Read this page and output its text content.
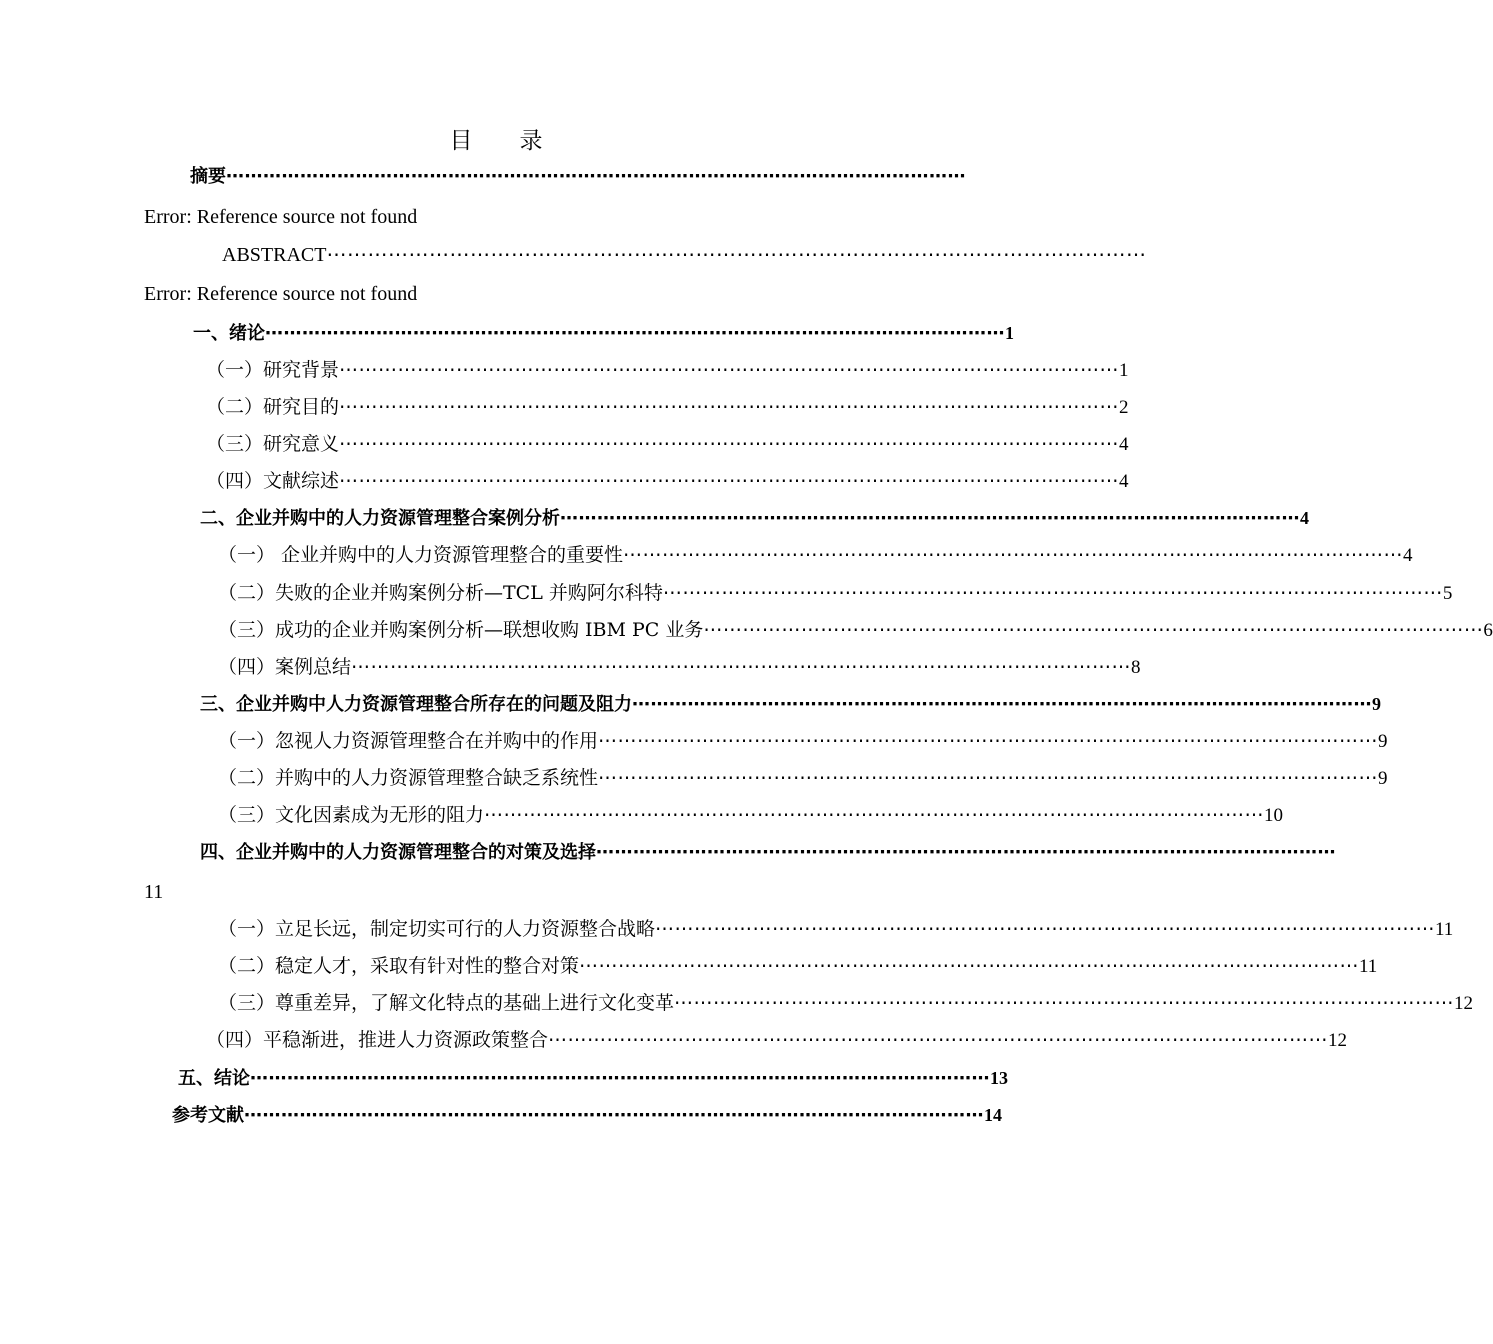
目　录
摘要 ⋯⋯⋯⋯⋯⋯⋯⋯⋯⋯⋯⋯⋯⋯⋯⋯⋯⋯⋯⋯⋯⋯⋯⋯⋯⋯⋯⋯⋯⋯⋯⋯⋯⋯⋯⋯⋯⋯⋯⋯
Error: Reference source not found
ABSTRACT ⋯⋯⋯⋯⋯⋯⋯⋯⋯⋯⋯⋯⋯⋯⋯⋯⋯⋯⋯⋯⋯⋯⋯⋯⋯⋯⋯⋯⋯⋯⋯⋯⋯⋯⋯⋯⋯⋯⋯⋯
Error: Reference source not found
一、绪论 ⋯⋯⋯⋯⋯⋯⋯⋯⋯⋯⋯⋯⋯⋯⋯⋯⋯⋯⋯⋯⋯⋯⋯⋯⋯⋯⋯⋯⋯⋯⋯⋯⋯⋯⋯⋯⋯⋯⋯⋯ 1
（一）研究背景 ⋯⋯⋯⋯⋯⋯⋯⋯⋯⋯⋯⋯⋯⋯⋯⋯⋯⋯⋯⋯⋯⋯⋯⋯⋯⋯⋯⋯⋯⋯⋯⋯⋯⋯⋯⋯⋯⋯⋯⋯ 1
（二）研究目的 ⋯⋯⋯⋯⋯⋯⋯⋯⋯⋯⋯⋯⋯⋯⋯⋯⋯⋯⋯⋯⋯⋯⋯⋯⋯⋯⋯⋯⋯⋯⋯⋯⋯⋯⋯⋯⋯⋯⋯⋯ 2
（三）研究意义 ⋯⋯⋯⋯⋯⋯⋯⋯⋯⋯⋯⋯⋯⋯⋯⋯⋯⋯⋯⋯⋯⋯⋯⋯⋯⋯⋯⋯⋯⋯⋯⋯⋯⋯⋯⋯⋯⋯⋯⋯ 4
（四）文献综述 ⋯⋯⋯⋯⋯⋯⋯⋯⋯⋯⋯⋯⋯⋯⋯⋯⋯⋯⋯⋯⋯⋯⋯⋯⋯⋯⋯⋯⋯⋯⋯⋯⋯⋯⋯⋯⋯⋯⋯⋯ 4
二、企业并购中的人力资源管理整合案例分析 ⋯⋯⋯⋯⋯⋯⋯⋯⋯⋯⋯⋯⋯⋯⋯⋯⋯⋯⋯⋯⋯⋯⋯⋯⋯⋯⋯⋯⋯⋯⋯⋯⋯⋯⋯⋯⋯⋯⋯⋯ 4
（一） 企业并购中的人力资源管理整合的重要性 ⋯⋯⋯⋯⋯⋯⋯⋯⋯⋯⋯⋯⋯⋯⋯⋯⋯⋯⋯⋯⋯⋯⋯⋯⋯⋯⋯⋯⋯⋯⋯⋯⋯⋯⋯⋯⋯⋯⋯⋯ 4
（二）失败的企业并购案例分析—TCL 并购阿尔科特 ⋯⋯⋯⋯⋯⋯⋯⋯⋯⋯⋯⋯⋯⋯⋯⋯⋯⋯⋯⋯⋯⋯⋯⋯⋯⋯⋯⋯⋯⋯⋯⋯⋯⋯⋯⋯⋯⋯⋯⋯ 5
（三）成功的企业并购案例分析—联想收购 IBM PC 业务 ⋯⋯⋯⋯⋯⋯⋯⋯⋯⋯⋯⋯⋯⋯⋯⋯⋯⋯⋯⋯⋯⋯⋯⋯⋯⋯⋯⋯⋯⋯⋯⋯⋯⋯⋯⋯⋯⋯⋯⋯ 6
（四）案例总结 ⋯⋯⋯⋯⋯⋯⋯⋯⋯⋯⋯⋯⋯⋯⋯⋯⋯⋯⋯⋯⋯⋯⋯⋯⋯⋯⋯⋯⋯⋯⋯⋯⋯⋯⋯⋯⋯⋯⋯⋯ 8
三、企业并购中人力资源管理整合所存在的问题及阻力 ⋯⋯⋯⋯⋯⋯⋯⋯⋯⋯⋯⋯⋯⋯⋯⋯⋯⋯⋯⋯⋯⋯⋯⋯⋯⋯⋯⋯⋯⋯⋯⋯⋯⋯⋯⋯⋯⋯⋯⋯ 9
（一）忽视人力资源管理整合在并购中的作用 ⋯⋯⋯⋯⋯⋯⋯⋯⋯⋯⋯⋯⋯⋯⋯⋯⋯⋯⋯⋯⋯⋯⋯⋯⋯⋯⋯⋯⋯⋯⋯⋯⋯⋯⋯⋯⋯⋯⋯⋯ 9
（二）并购中的人力资源管理整合缺乏系统性 ⋯⋯⋯⋯⋯⋯⋯⋯⋯⋯⋯⋯⋯⋯⋯⋯⋯⋯⋯⋯⋯⋯⋯⋯⋯⋯⋯⋯⋯⋯⋯⋯⋯⋯⋯⋯⋯⋯⋯⋯ 9
（三）文化因素成为无形的阻力 ⋯⋯⋯⋯⋯⋯⋯⋯⋯⋯⋯⋯⋯⋯⋯⋯⋯⋯⋯⋯⋯⋯⋯⋯⋯⋯⋯⋯⋯⋯⋯⋯⋯⋯⋯⋯⋯⋯⋯⋯ 10
四、企业并购中的人力资源管理整合的对策及选择 ⋯⋯⋯⋯⋯⋯⋯⋯⋯⋯⋯⋯⋯⋯⋯⋯⋯⋯⋯⋯⋯⋯⋯⋯⋯⋯⋯⋯⋯⋯⋯⋯⋯⋯⋯⋯⋯⋯⋯⋯
11
（一）立足长远，制定切实可行的人力资源整合战略 ⋯⋯⋯⋯⋯⋯⋯⋯⋯⋯⋯⋯⋯⋯⋯⋯⋯⋯⋯⋯⋯⋯⋯⋯⋯⋯⋯⋯⋯⋯⋯⋯⋯⋯⋯⋯⋯⋯⋯⋯ 11
（二）稳定人才，采取有针对性的整合对策 ⋯⋯⋯⋯⋯⋯⋯⋯⋯⋯⋯⋯⋯⋯⋯⋯⋯⋯⋯⋯⋯⋯⋯⋯⋯⋯⋯⋯⋯⋯⋯⋯⋯⋯⋯⋯⋯⋯⋯⋯ 11
（三）尊重差异，了解文化特点的基础上进行文化变革 ⋯⋯⋯⋯⋯⋯⋯⋯⋯⋯⋯⋯⋯⋯⋯⋯⋯⋯⋯⋯⋯⋯⋯⋯⋯⋯⋯⋯⋯⋯⋯⋯⋯⋯⋯⋯⋯⋯⋯⋯ 12
（四）平稳渐进，推进人力资源政策整合 ⋯⋯⋯⋯⋯⋯⋯⋯⋯⋯⋯⋯⋯⋯⋯⋯⋯⋯⋯⋯⋯⋯⋯⋯⋯⋯⋯⋯⋯⋯⋯⋯⋯⋯⋯⋯⋯⋯⋯⋯ 12
五、结论 ⋯⋯⋯⋯⋯⋯⋯⋯⋯⋯⋯⋯⋯⋯⋯⋯⋯⋯⋯⋯⋯⋯⋯⋯⋯⋯⋯⋯⋯⋯⋯⋯⋯⋯⋯⋯⋯⋯⋯⋯ 13
参考文献 ⋯⋯⋯⋯⋯⋯⋯⋯⋯⋯⋯⋯⋯⋯⋯⋯⋯⋯⋯⋯⋯⋯⋯⋯⋯⋯⋯⋯⋯⋯⋯⋯⋯⋯⋯⋯⋯⋯⋯⋯ 14
